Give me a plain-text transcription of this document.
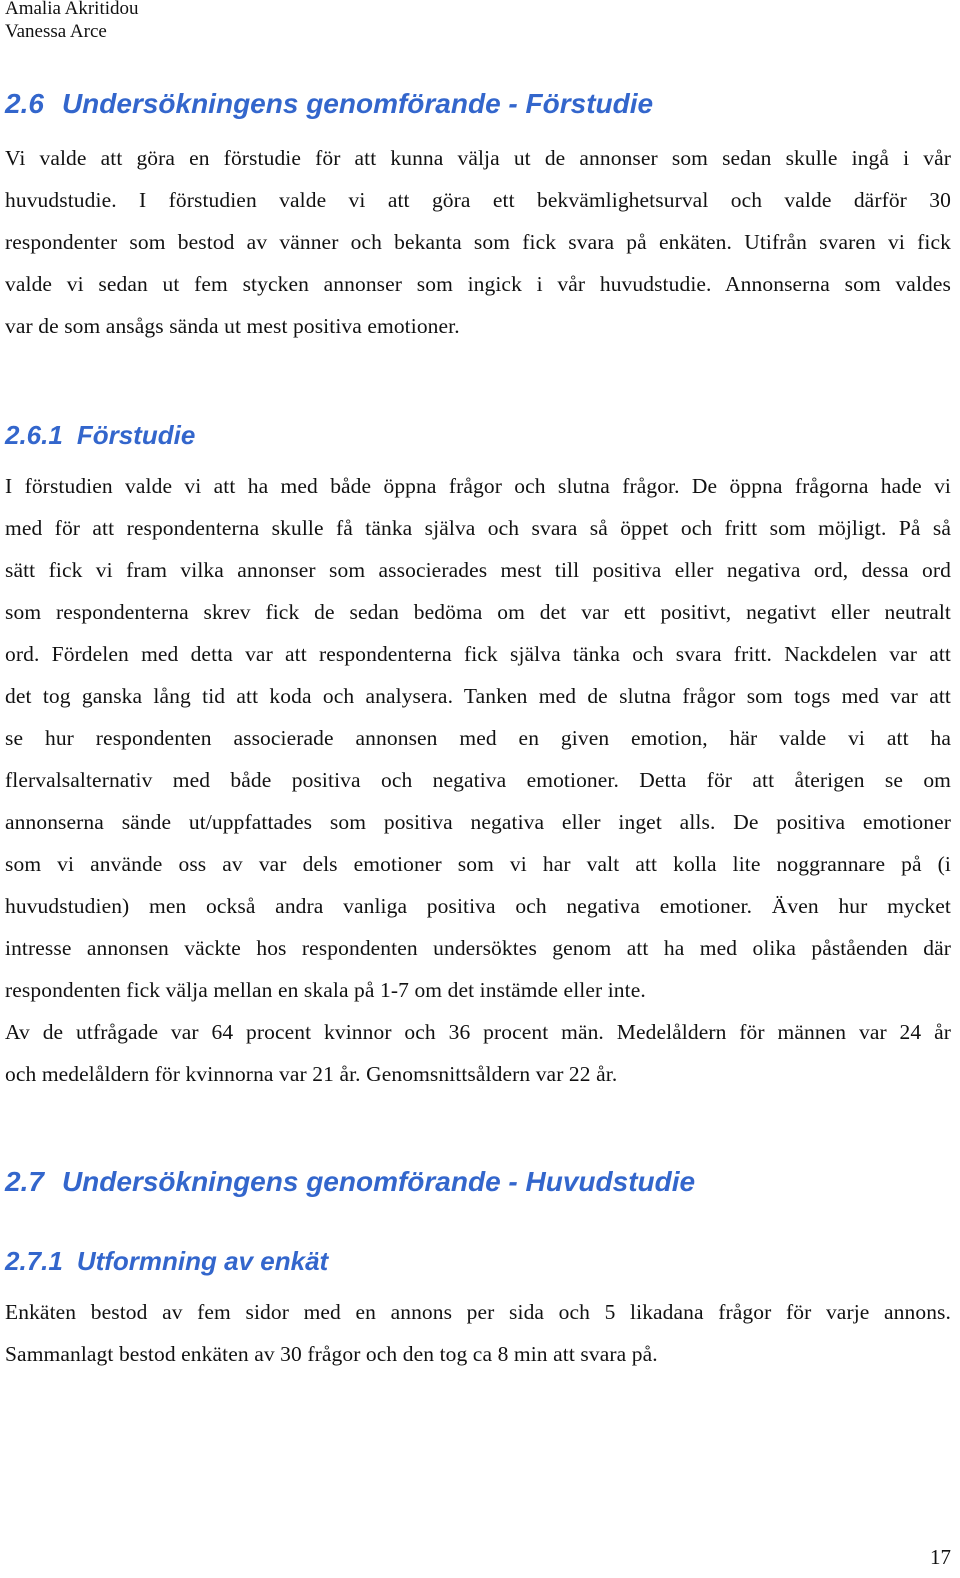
Amalia Akritidou
Vanessa Arce
2.6 Undersökningens genomförande - Förstudie
Vi valde att göra en förstudie för att kunna välja ut de annonser som sedan skulle ingå i vår
huvudstudie. I förstudien valde vi att göra ett bekvämlighetsurval och valde därför 30
respondenter som bestod av vänner och bekanta som fick svara på enkäten. Utifrån svaren vi fick
valde vi sedan ut fem stycken annonser som ingick i vår huvudstudie. Annonserna som valdes
var de som ansågs sända ut mest positiva emotioner.
2.6.1 Förstudie
I förstudien valde vi att ha med både öppna frågor och slutna frågor. De öppna frågorna hade vi
med för att respondenterna skulle få tänka själva och svara så öppet och fritt som möjligt. På så
sätt fick vi fram vilka annonser som associerades mest till positiva eller negativa ord, dessa ord
som respondenterna skrev fick de sedan bedöma om det var ett positivt, negativt eller neutralt
ord. Fördelen med detta var att respondenterna fick själva tänka och svara fritt. Nackdelen var att
det tog ganska lång tid att koda och analysera. Tanken med de slutna frågor som togs med var att
se hur respondenten associerade annonsen med en given emotion, här valde vi att ha
flervalsalternativ med både positiva och negativa emotioner. Detta för att återigen se om
annonserna sände ut/uppfattades som positiva negativa eller inget alls. De positiva emotioner
som vi använde oss av var dels emotioner som vi har valt att kolla lite noggrannare på (i
huvudstudien) men också andra vanliga positiva och negativa emotioner. Även hur mycket
intresse annonsen väckte hos respondenten undersöktes genom att ha med olika påståenden där
respondenten fick välja mellan en skala på 1-7 om det instämde eller inte.
Av de utfrågade var 64 procent kvinnor och 36 procent män. Medelåldern för männen var 24 år
och medelåldern för kvinnorna var 21 år. Genomsnittsåldern var 22 år.
2.7 Undersökningens genomförande - Huvudstudie
2.7.1 Utformning av enkät
Enkäten bestod av fem sidor med en annons per sida och 5 likadana frågor för varje annons.
Sammanlagt bestod enkäten av 30 frågor och den tog ca 8 min att svara på.
17
